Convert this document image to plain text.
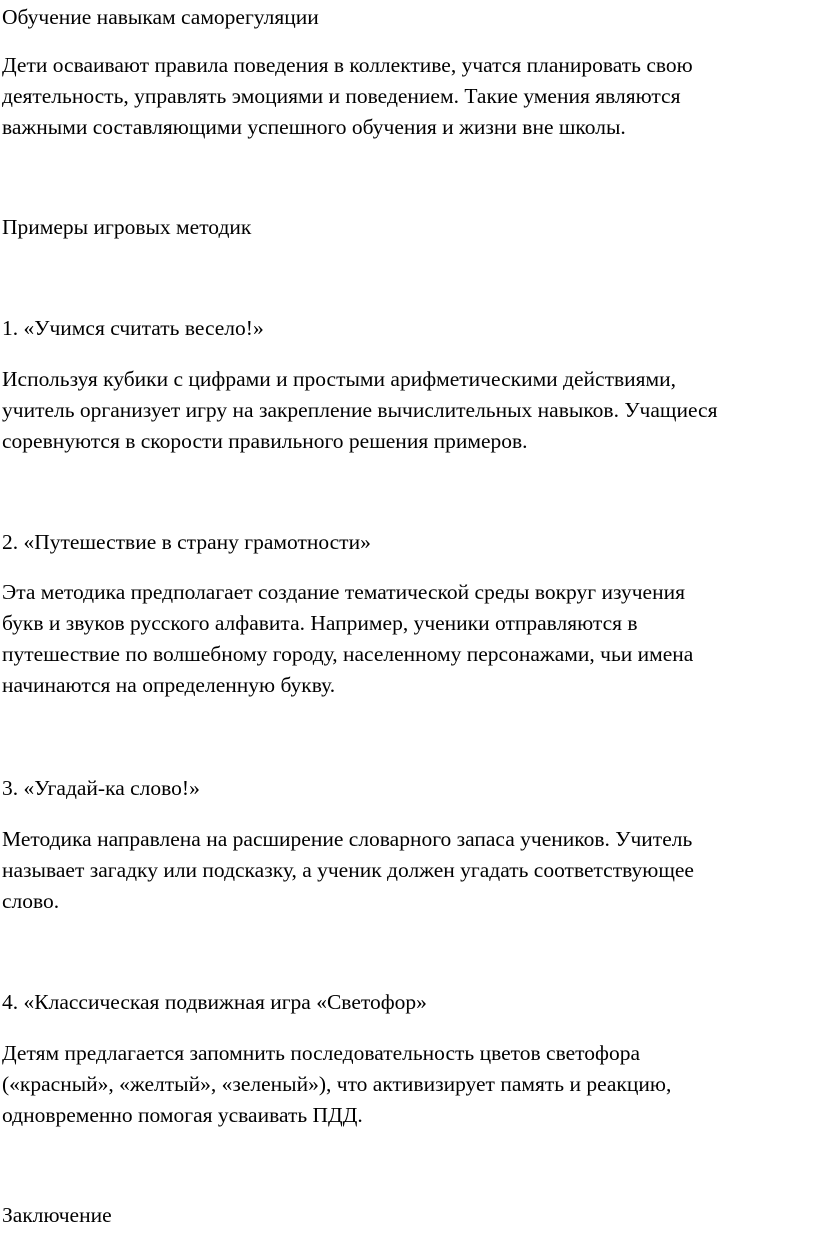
Обучение навыкам саморегуляции

Дети осваивают правила поведения в коллективе, учатся планировать свою
деятельность, управлять эмоциями и поведением. Такие умения являются
важными составляющими успешного обучения и жизни вне школы.

Примеры игровых методик

1. «Учимся считать весело!»

Используя кубики с цифрами и простыми арифметическими действиями,
учитель организует игру на закрепление вычислительных навыков. Учащиеся
соревнуются в скорости правильного решения примеров.

2. «Путешествие в страну грамотности»

Эта методика предполагает создание тематической среды вокруг изучения
букв и звуков русского алфавита. Например, ученики отправляются в
путешествие по волшебному городу, населенному персонажами, чьи имена
начинаются на определенную букву.

3. «Угадай-ка слово!»

Методика направлена на расширение словарного запаса учеников. Учитель
называет загадку или подсказку, а ученик должен угадать соответствующее
слово.

4. «Классическая подвижная игра «Светофор»

Детям предлагается запомнить последовательность цветов светофора
(«красный», «желтый», «зеленый»), что активизирует память и реакцию,
одновременно помогая усваивать ПДД.

Заключение
